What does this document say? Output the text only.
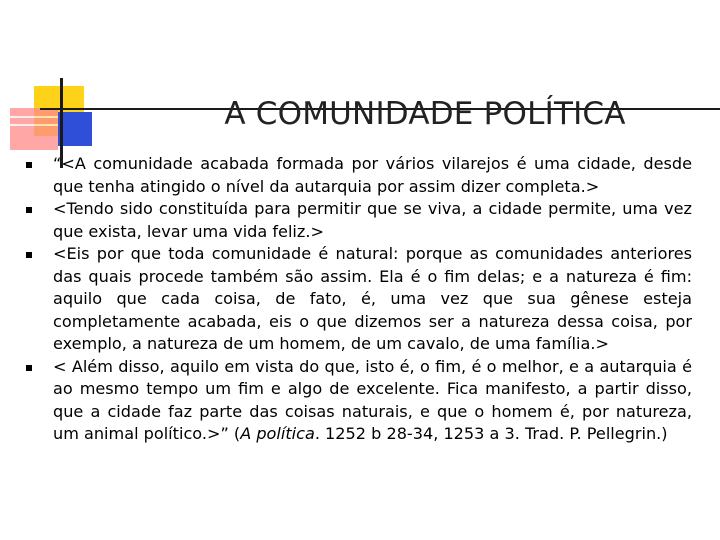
A COMUNIDADE POLÍTICA
“<A comunidade acabada formada por vários vilarejos é uma cidade, desde que tenha atingido o nível da autarquia por assim dizer completa.>
<Tendo sido constituída para permitir que se viva, a cidade permite, uma vez que exista, levar uma vida feliz.>
<Eis por que toda comunidade é natural: porque as comunidades anteriores das quais procede também são assim. Ela é o fim delas; e a natureza é fim: aquilo que cada coisa, de fato, é, uma vez que sua gênese esteja completamente acabada, eis o que dizemos ser a natureza dessa coisa, por exemplo, a natureza de um homem, de um cavalo, de uma família.>
< Além disso, aquilo em vista do que, isto é, o fim, é o melhor, e a autarquia é ao mesmo tempo um fim e algo de excelente. Fica manifesto, a partir disso, que a cidade faz parte das coisas naturais, e que o homem é, por natureza, um animal político.>” (A política. 1252 b 28-34, 1253 a 3. Trad. P. Pellegrin.)
